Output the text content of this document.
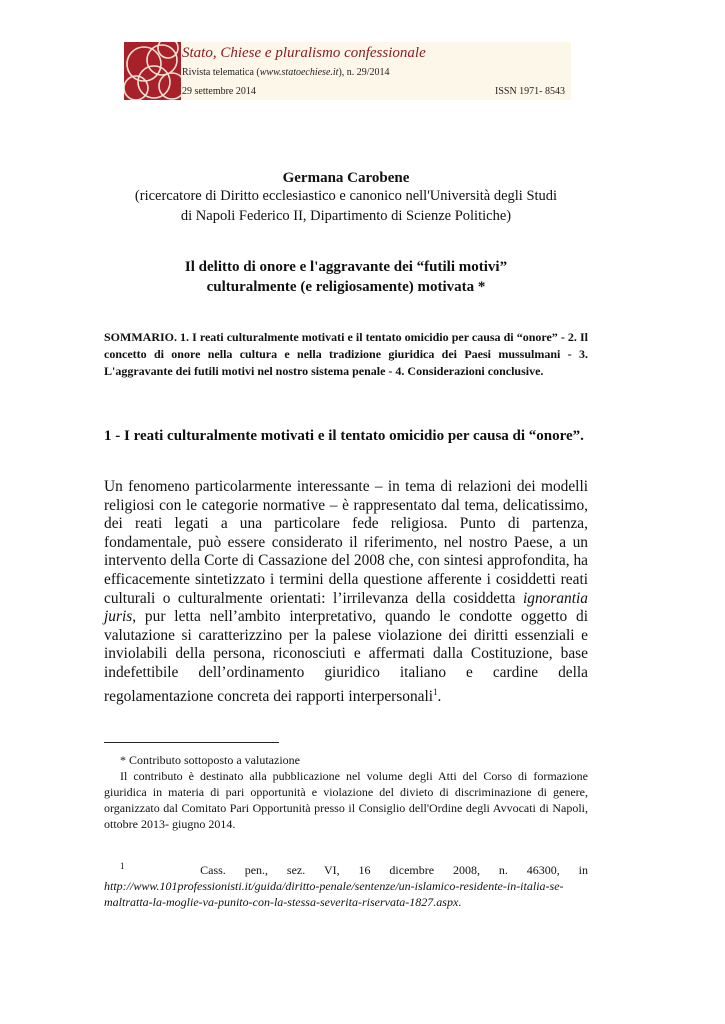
Stato, Chiese e pluralismo confessionale
Rivista telematica (www.statoechiese.it), n. 29/2014
29 settembre 2014	ISSN 1971- 8543
Germana Carobene
(ricercatore di Diritto ecclesiastico e canonico nell'Università degli Studi
di Napoli Federico II, Dipartimento di Scienze Politiche)
Il delitto di onore e l'aggravante dei “futili motivi”
culturalmente (e religiosamente) motivata *
SOMMARIO. 1. I reati culturalmente motivati e il tentato omicidio per causa di “onore” - 2. Il concetto di onore nella cultura e nella tradizione giuridica dei Paesi mussulmani - 3. L'aggravante dei futili motivi nel nostro sistema penale - 4. Considerazioni conclusive.
1 - I reati culturalmente motivati e il tentato omicidio per causa di “onore”.
Un fenomeno particolarmente interessante – in tema di relazioni dei modelli religiosi con le categorie normative – è rappresentato dal tema, delicatissimo, dei reati legati a una particolare fede religiosa. Punto di partenza, fondamentale, può essere considerato il riferimento, nel nostro Paese, a un intervento della Corte di Cassazione del 2008 che, con sintesi approfondita, ha efficacemente sintetizzato i termini della questione afferente i cosiddetti reati culturali o culturalmente orientati: l’irrilevanza della cosiddetta ignorantia juris, pur letta nell’ambito interpretativo, quando le condotte oggetto di valutazione si caratterizzino per la palese violazione dei diritti essenziali e inviolabili della persona, riconosciuti e affermati dalla Costituzione, base indefettibile dell’ordinamento giuridico italiano e cardine della regolamentazione concreta dei rapporti interpersonali$^1$.
* Contributo sottoposto a valutazione
Il contributo è destinato alla pubblicazione nel volume degli Atti del Corso di formazione giuridica in materia di pari opportunità e violazione del divieto di discriminazione di genere, organizzato dal Comitato Pari Opportunità presso il Consiglio dell'Ordine degli Avvocati di Napoli, ottobre 2013- giugno 2014.
$^1$	Cass. pen., sez. VI, 16 dicembre 2008, n. 46300, in http://www.101professionisti.it/guida/diritto-penale/sentenze/un-islamico-residente-in-italia-se-maltratta-la-moglie-va-punito-con-la-stessa-severita-riservata-1827.aspx.
